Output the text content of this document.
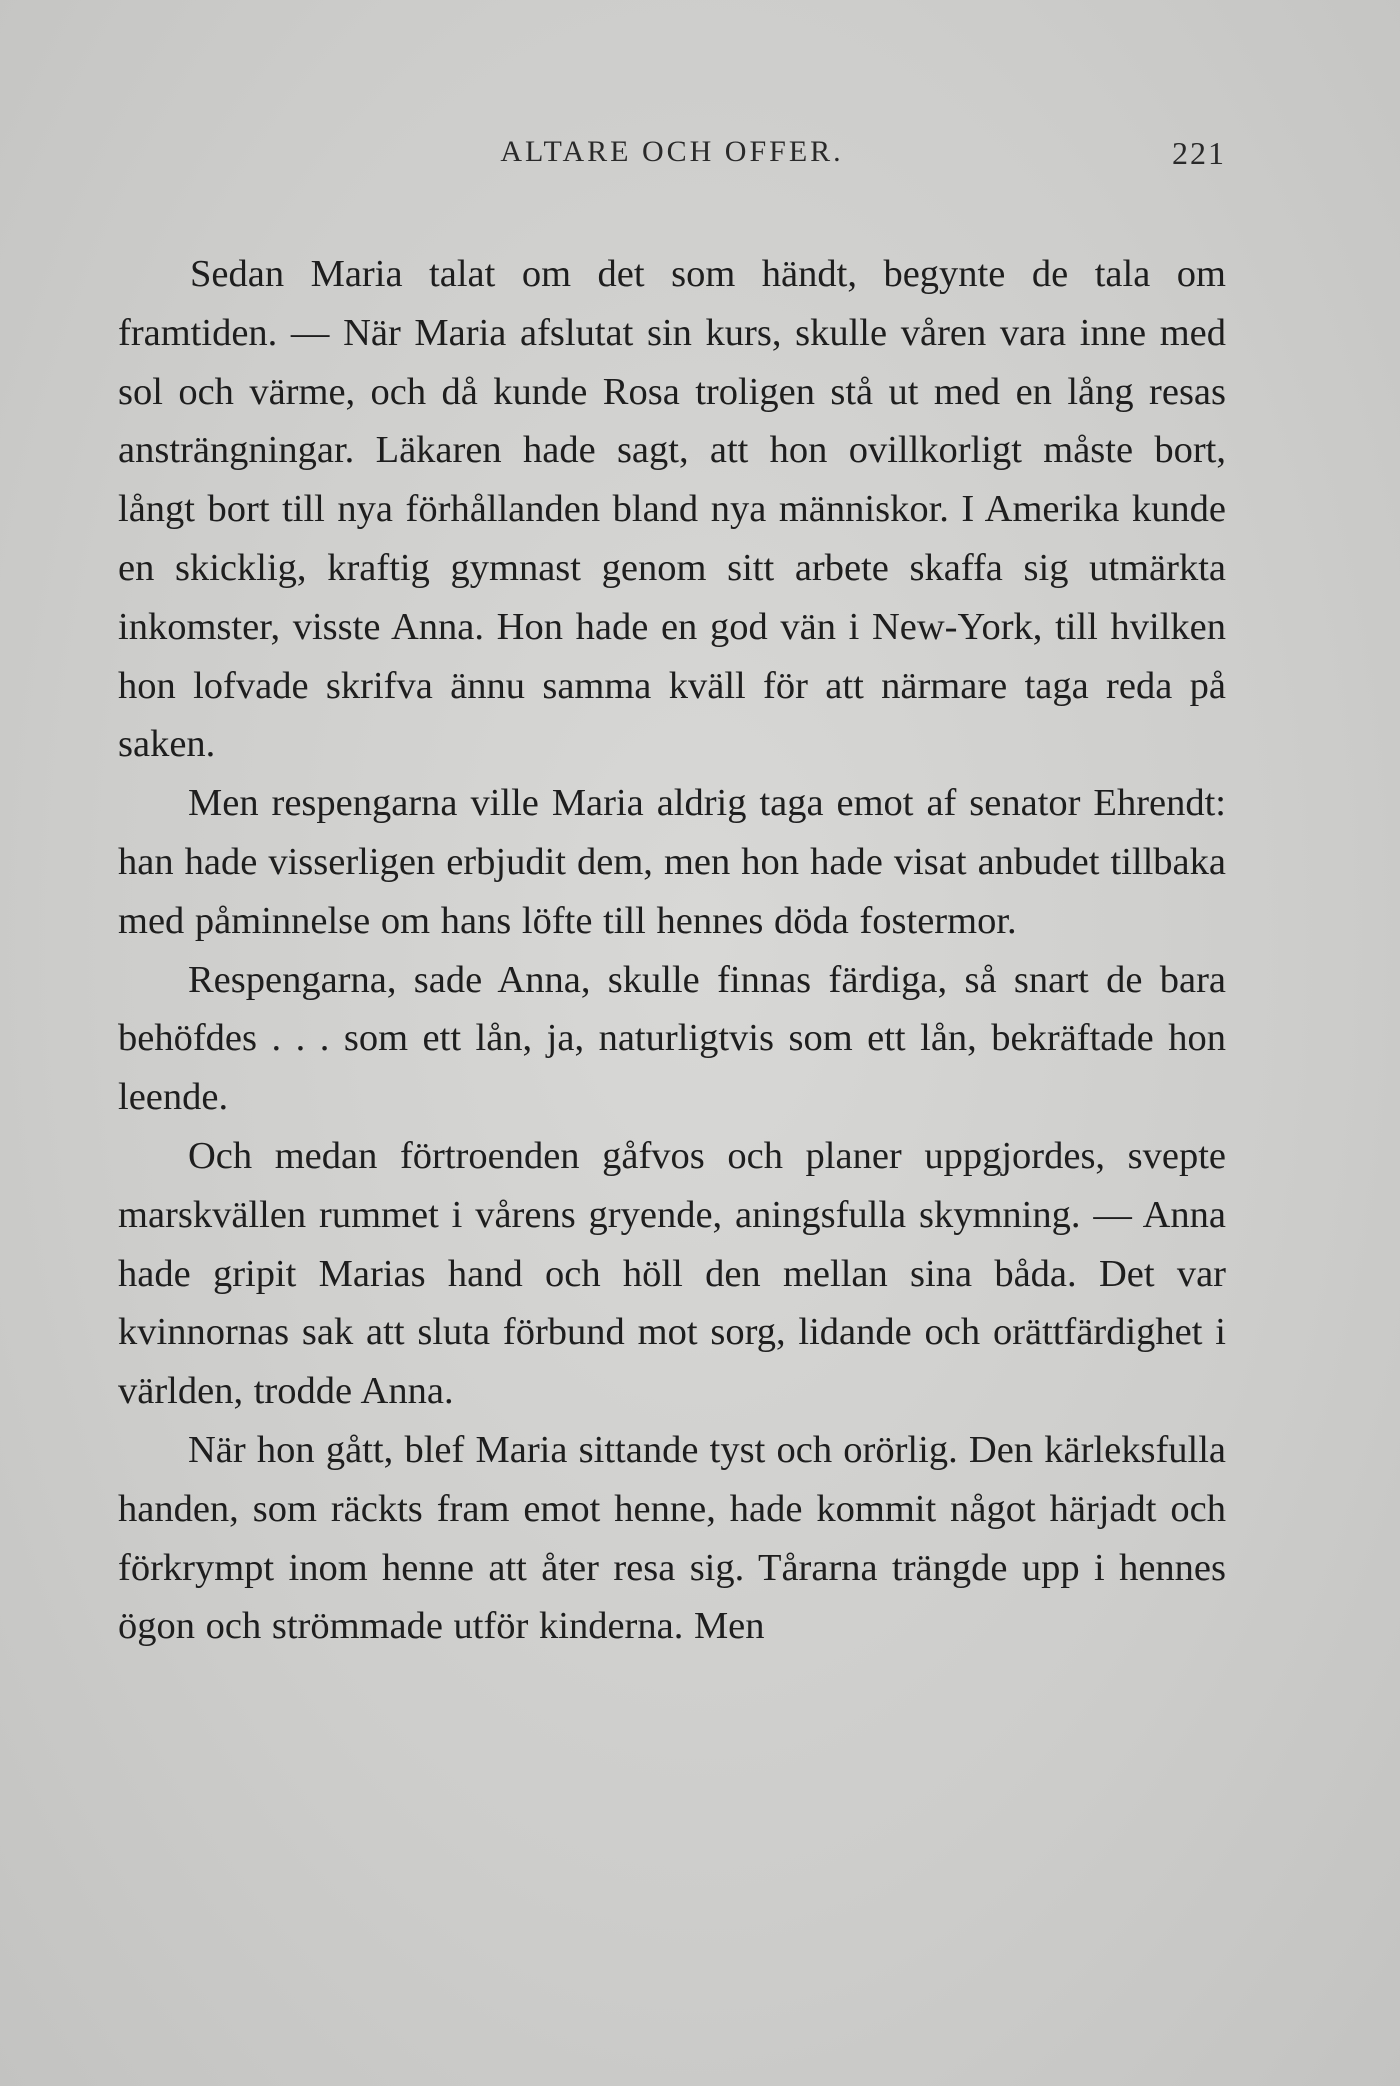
ALTARE OCH OFFER.	221

Sedan Maria talat om det som händt, begynte de tala om framtiden. — När Maria afslutat sin kurs, skulle våren vara inne med sol och värme, och då kunde Rosa troligen stå ut med en lång resas ansträngningar. Läkaren hade sagt, att hon ovillkorligt måste bort, långt bort till nya förhållanden bland nya människor. I Amerika kunde en skicklig, kraftig gymnast genom sitt arbete skaffa sig utmärkta inkomster, visste Anna. Hon hade en god vän i New-York, till hvilken hon lofvade skrifva ännu samma kväll för att närmare taga reda på saken.

Men respengarna ville Maria aldrig taga emot af senator Ehrendt: han hade visserligen erbjudit dem, men hon hade visat anbudet tillbaka med påminnelse om hans löfte till hennes döda fostermor.

Respengarna, sade Anna, skulle finnas färdiga, så snart de bara behöfdes . . . som ett lån, ja, naturligtvis som ett lån, bekräftade hon leende.

Och medan förtroenden gåfvos och planer uppgjordes, svepte marskvällen rummet i vårens gryende, aningsfulla skymning. — Anna hade gripit Marias hand och höll den mellan sina båda. Det var kvinnornas sak att sluta förbund mot sorg, lidande och orättfärdighet i världen, trodde Anna.

När hon gått, blef Maria sittande tyst och orörlig. Den kärleksfulla handen, som räckts fram emot henne, hade kommit något härjadt och förkrympt inom henne att åter resa sig. Tårarna trängde upp i hennes ögon och strömmade utför kinderna. Men
